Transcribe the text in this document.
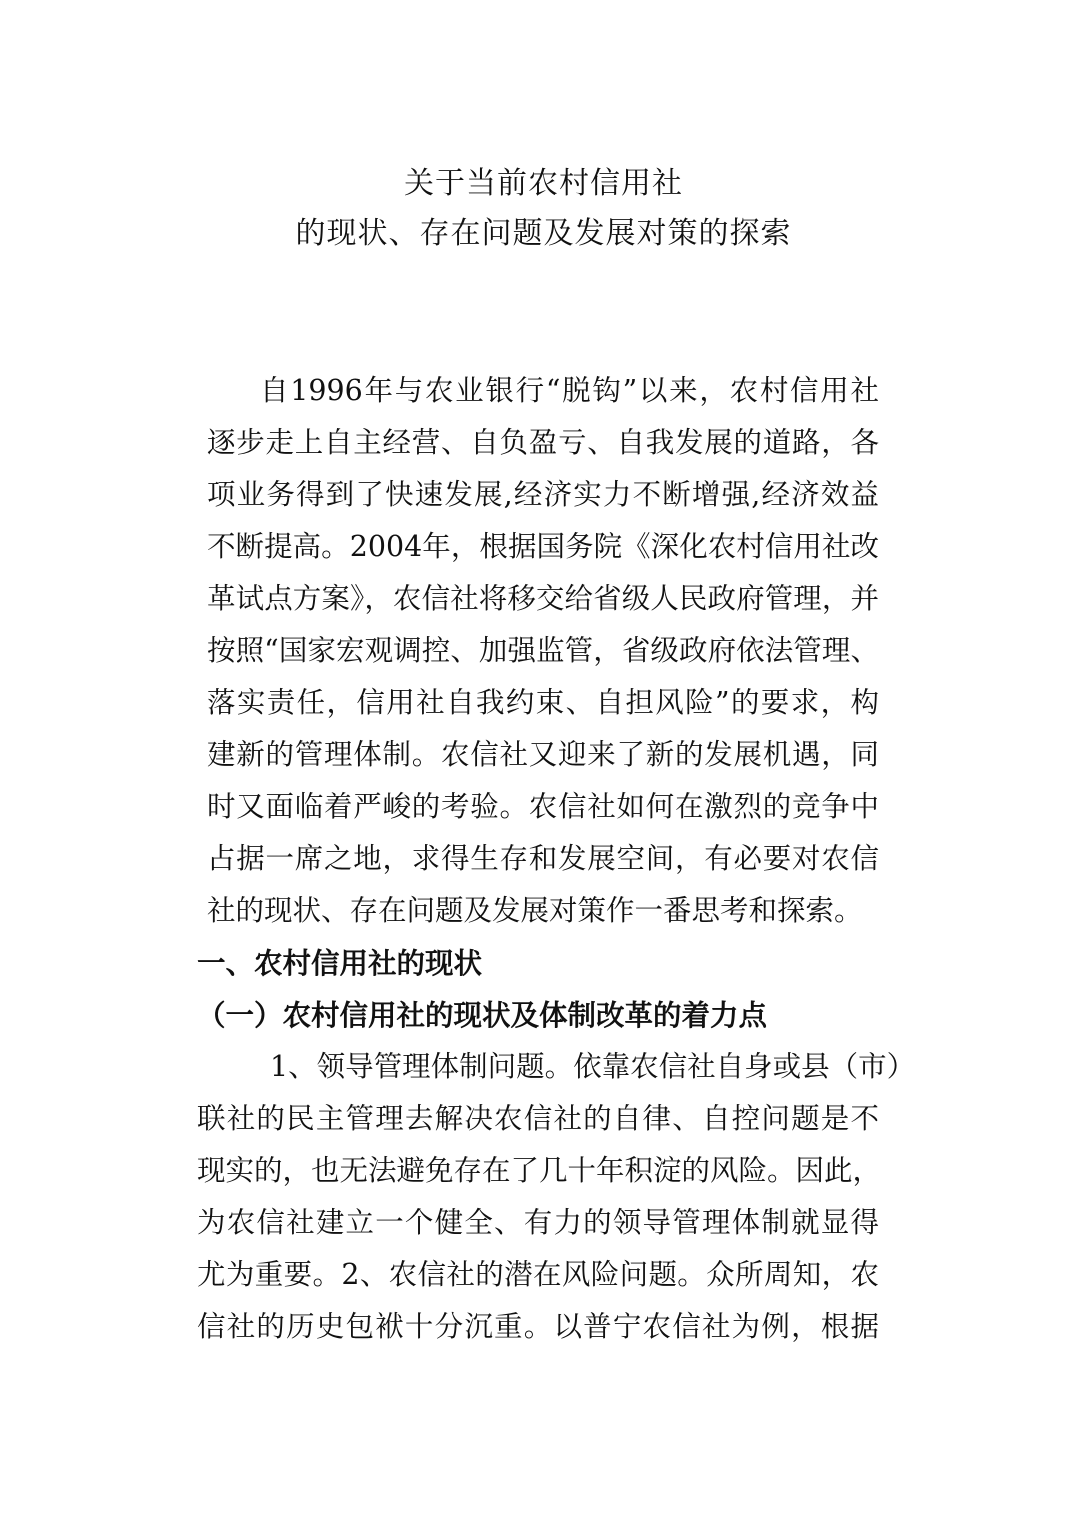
关于当前农村信用社
的现状、存在问题及发展对策的探索

自1996年与农业银行“脱钩”以来，农村信用社

逐步走上自主经营、自负盈亏、自我发展的道路，各

项业务得到了快速发展,经济实力不断增强,经济效益

不断提高。2004年，根据国务院《深化农村信用社改

革试点方案》，农信社将移交给省级人民政府管理，并

按照“国家宏观调控、加强监管，省级政府依法管理、

落实责任，信用社自我约束、自担风险”的要求，构

建新的管理体制。农信社又迎来了新的发展机遇，同

时又面临着严峻的考验。农信社如何在激烈的竞争中

占据一席之地，求得生存和发展空间，有必要对农信

社的现状、存在问题及发展对策作一番思考和探索。

一、农村信用社的现状
（一）农村信用社的现状及体制改革的着力点

1、领导管理体制问题。依靠农信社自身或县（市）

联社的民主管理去解决农信社的自律、自控问题是不

现实的，也无法避免存在了几十年积淀的风险。因此，

为农信社建立一个健全、有力的领导管理体制就显得

尤为重要。2、农信社的潜在风险问题。众所周知，农

信社的历史包袱十分沉重。以普宁农信社为例，根据
